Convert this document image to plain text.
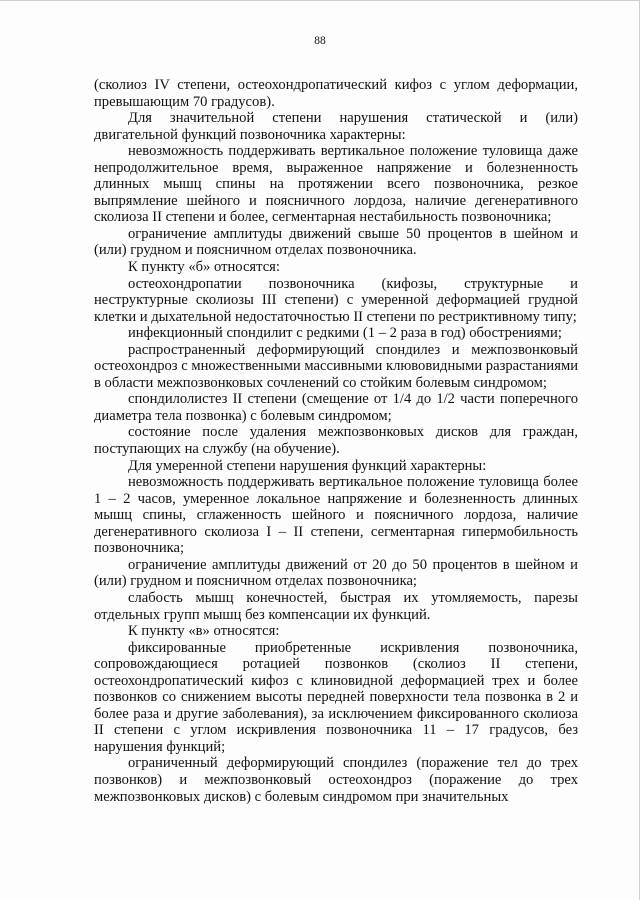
88

(сколиоз IV степени, остеохондропатический кифоз с углом деформации, превышающим 70 градусов).

Для значительной степени нарушения статической и (или) двигательной функций позвоночника характерны:

невозможность поддерживать вертикальное положение туловища даже непродолжительное время, выраженное напряжение и болезненность длинных мышц спины на протяжении всего позвоночника, резкое выпрямление шейного и поясничного лордоза, наличие дегенеративного сколиоза II степени и более, сегментарная нестабильность позвоночника;

ограничение амплитуды движений свыше 50 процентов в шейном и (или) грудном и поясничном отделах позвоночника.

К пункту «б» относятся:

остеохондропатии позвоночника (кифозы, структурные и неструктурные сколиозы III степени) с умеренной деформацией грудной клетки и дыхательной недостаточностью II степени по рестриктивному типу;

инфекционный спондилит с редкими (1 – 2 раза в год) обострениями;

распространенный деформирующий спондилез и межпозвонковый остеохондроз с множественными массивными клювовидными разрастаниями в области межпозвонковых сочленений со стойким болевым синдромом;

спондилолистез II степени (смещение от 1/4 до 1/2 части поперечного диаметра тела позвонка) с болевым синдромом;

состояние после удаления межпозвонковых дисков для граждан, поступающих на службу (на обучение).

Для умеренной степени нарушения функций характерны:

невозможность поддерживать вертикальное положение туловища более 1 – 2 часов, умеренное локальное напряжение и болезненность длинных мышц спины, сглаженность шейного и поясничного лордоза, наличие дегенеративного сколиоза I – II степени, сегментарная гипермобильность позвоночника;

ограничение амплитуды движений от 20 до 50 процентов в шейном и (или) грудном и поясничном отделах позвоночника;

слабость мышц конечностей, быстрая их утомляемость, парезы отдельных групп мышц без компенсации их функций.

К пункту «в» относятся:

фиксированные приобретенные искривления позвоночника, сопровождающиеся ротацией позвонков (сколиоз II степени, остеохондропатический кифоз с клиновидной деформацией трех и более позвонков со снижением высоты передней поверхности тела позвонка в 2 и более раза и другие заболевания), за исключением фиксированного сколиоза II степени с углом искривления позвоночника 11 – 17 градусов, без нарушения функций;

ограниченный деформирующий спондилез (поражение тел до трех позвонков) и межпозвонковый остеохондроз (поражение до трех межпозвонковых дисков) с болевым синдромом при значительных
